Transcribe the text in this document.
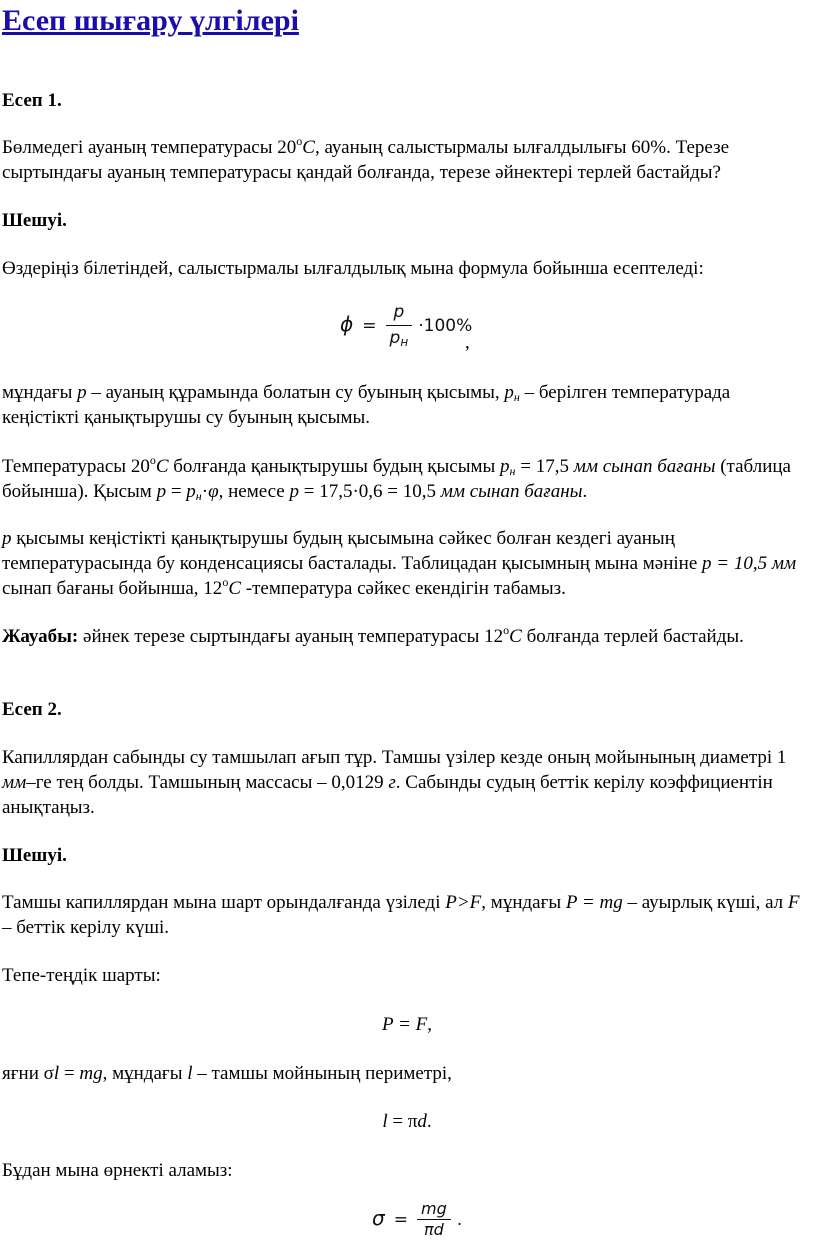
Есеп шығару үлгілері

Есеп 1.

Бөлмедегі ауаның температурасы $20^оС$, ауаның салыстырмалы ылғалдылығы 60%. Терезе сыртындағы ауаның температурасы қандай болғанда, терезе әйнектері терлей бастайды?

Шешуі.

Өздеріңіз білетіндей, салыстырмалы ылғалдылық мына формула бойынша есептеледі:

$\phi = \frac{p}{p_н} \cdot 100\%$
,

мұндағы p – ауаның құрамында болатын су буының қысымы, $p_н$ – берілген температурада кеңістікті қанықтырушы су буының қысымы.

Температурасы $20^оС$ болғанда қанықтырушы будың қысымы $p_н = 17,5$ мм сынап бағаны (таблица бойынша). Қысым $p = p_н\cdot\varphi$, немесе p = 17,5·0,6 = 10,5 мм сынап бағаны.

p қысымы кеңістікті қанықтырушы будың қысымына сәйкес болған кездегі ауаның температурасында бу конденсациясы басталады. Таблицадан қысымның мына мәніне p = 10,5 мм сынап бағаны бойынша, $12^оС$ -температура сәйкес екендігін табамыз.

Жауабы: әйнек терезе сыртындағы ауаның температурасы $12^оС$ болғанда терлей бастайды.

Есеп 2.

Капиллярдан сабынды су тамшылап ағып тұр. Тамшы үзілер кезде оның мойынының диаметрі 1 мм–ге тең болды. Тамшының массасы – 0,0129 г. Сабынды судың беттік керілу коэффициентін анықтаңыз.

Шешуі.

Тамшы капиллярдан мына шарт орындалғанда үзіледі P>F, мұндағы P = mg – ауырлық күші, ал F – беттік керілу күші.

Тепе-теңдік шарты:

P = F,

яғни σl = mg, мұндағы l – тамшы мойнының периметрі,

l = πd.

Бұдан мына өрнекті аламыз:

$\sigma = \frac{mg}{\pi d}$ .
